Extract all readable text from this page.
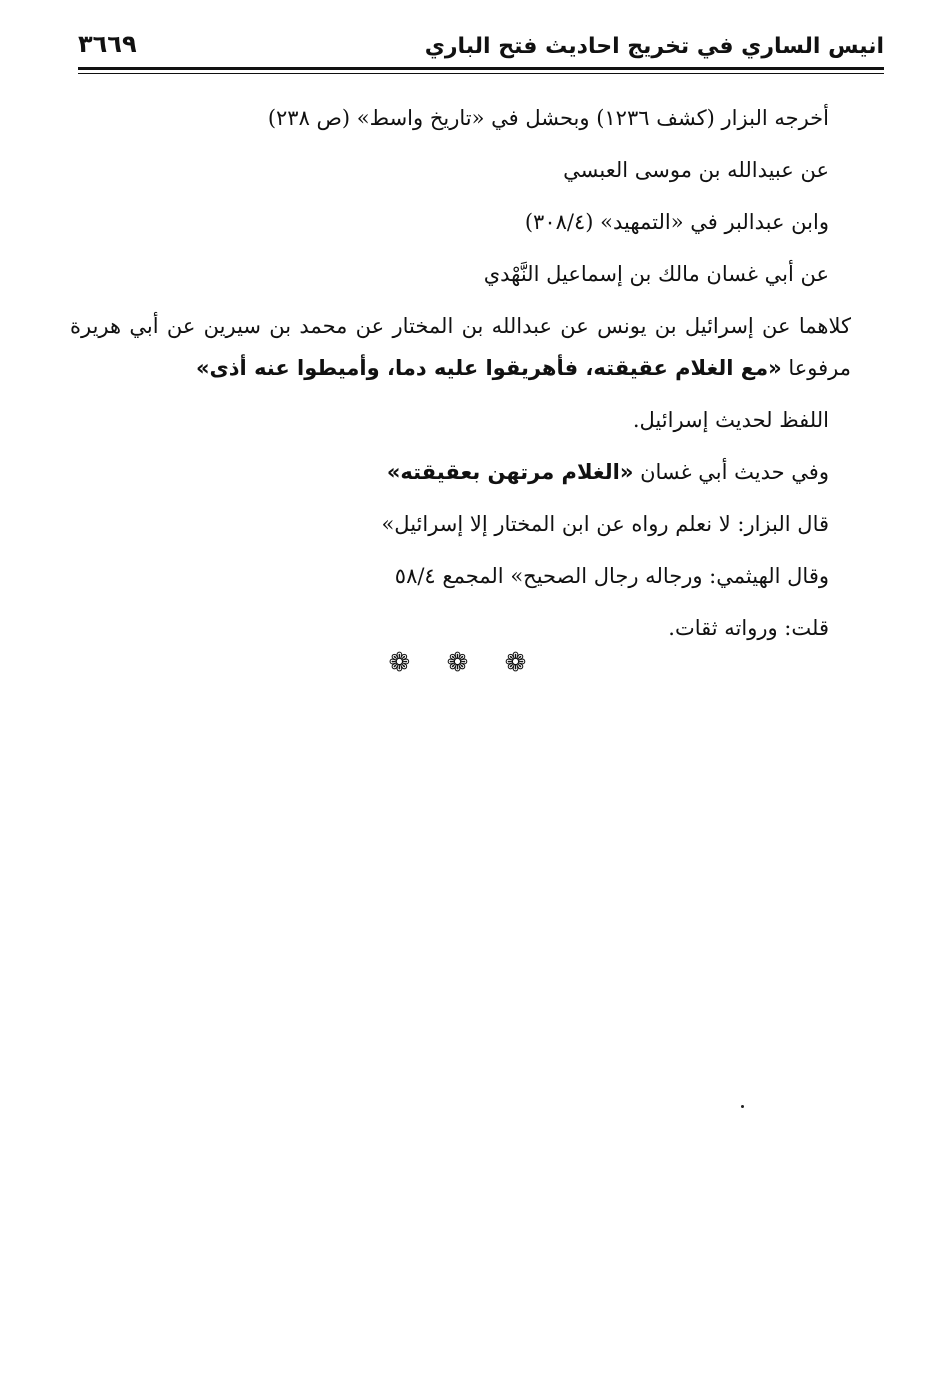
انيس الساري في تخريج احاديث فتح الباري
٣٦٦٩

أخرجه البزار (كشف ١٢٣٦) وبحشل في «تاريخ واسط» (ص ٢٣٨)

عن عبيدالله بن موسى العبسي

وابن عبدالبر في «التمهيد» (٣٠٨/٤)

عن أبي غسان مالك بن إسماعيل النَّهْدي

كلاهما عن إسرائيل بن يونس عن عبدالله بن المختار عن محمد بن سيرين عن أبي هريرة مرفوعا «مع الغلام عقيقته، فأهريقوا عليه دما، وأميطوا عنه أذى»

اللفظ لحديث إسرائيل.

وفي حديث أبي غسان «الغلام مرتهن بعقيقته»

قال البزار: لا نعلم رواه عن ابن المختار إلا إسرائيل»

وقال الهيثمي: ورجاله رجال الصحيح» المجمع ٥٨/٤

قلت: ورواته ثقات.

❁ ❁ ❁
